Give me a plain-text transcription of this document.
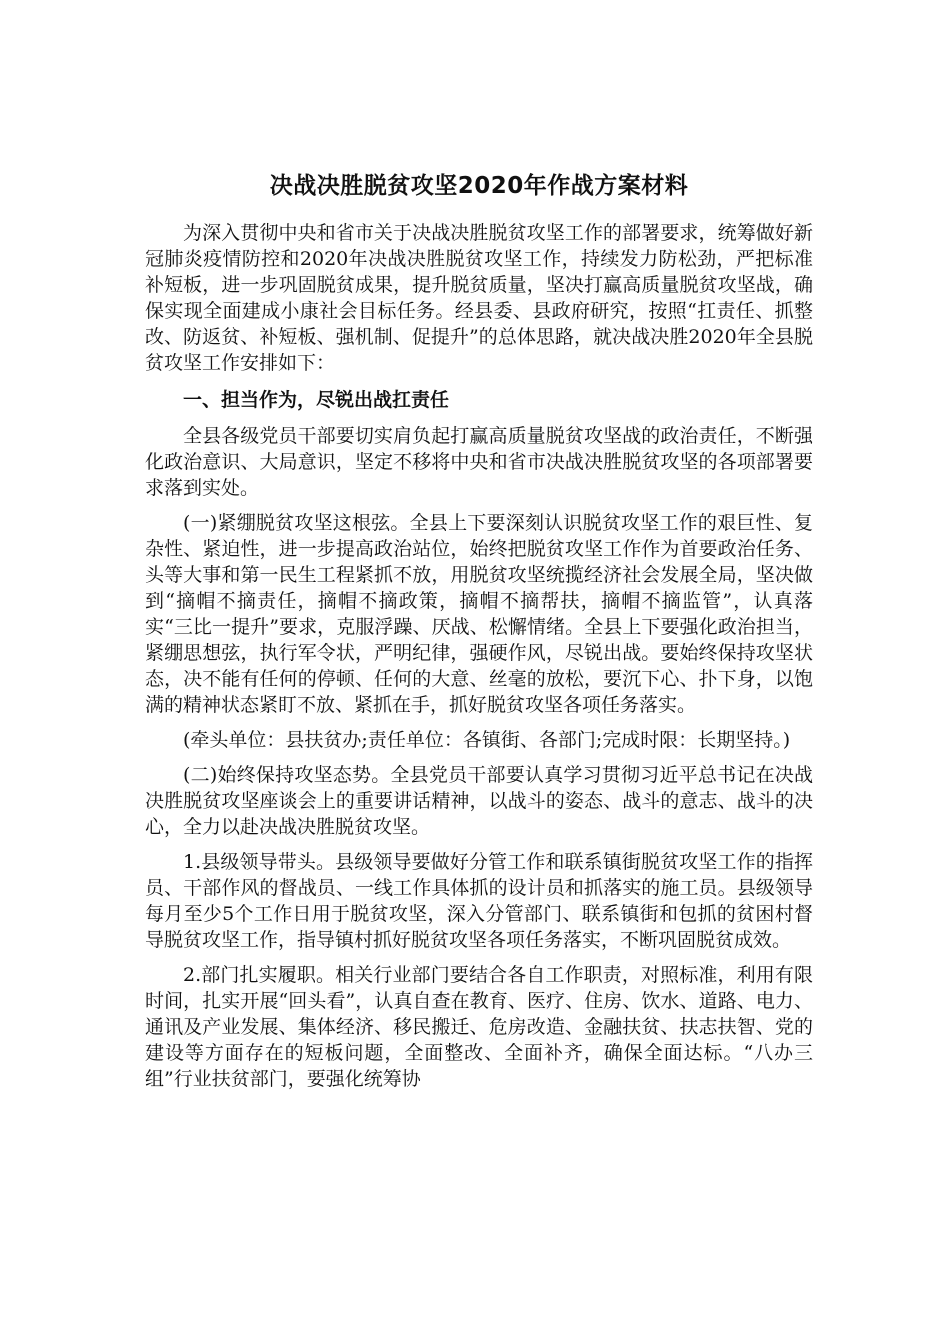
决战决胜脱贫攻坚2020年作战方案材料

为深入贯彻中央和省市关于决战决胜脱贫攻坚工作的部署要求，统筹做好新冠肺炎疫情防控和2020年决战决胜脱贫攻坚工作，持续发力防松劲，严把标准补短板，进一步巩固脱贫成果，提升脱贫质量，坚决打赢高质量脱贫攻坚战，确保实现全面建成小康社会目标任务。经县委、县政府研究，按照“扛责任、抓整改、防返贫、补短板、强机制、促提升”的总体思路，就决战决胜2020年全县脱贫攻坚工作安排如下：

一、担当作为，尽锐出战扛责任

全县各级党员干部要切实肩负起打赢高质量脱贫攻坚战的政治责任，不断强化政治意识、大局意识，坚定不移将中央和省市决战决胜脱贫攻坚的各项部署要求落到实处。

(一)紧绷脱贫攻坚这根弦。全县上下要深刻认识脱贫攻坚工作的艰巨性、复杂性、紧迫性，进一步提高政治站位，始终把脱贫攻坚工作作为首要政治任务、头等大事和第一民生工程紧抓不放，用脱贫攻坚统揽经济社会发展全局，坚决做到“摘帽不摘责任，摘帽不摘政策，摘帽不摘帮扶，摘帽不摘监管”，认真落实“三比一提升”要求，克服浮躁、厌战、松懈情绪。全县上下要强化政治担当，紧绷思想弦，执行军令状，严明纪律，强硬作风，尽锐出战。要始终保持攻坚状态，决不能有任何的停顿、任何的大意、丝毫的放松，要沉下心、扑下身，以饱满的精神状态紧盯不放、紧抓在手，抓好脱贫攻坚各项任务落实。

(牵头单位：县扶贫办;责任单位：各镇街、各部门;完成时限：长期坚持。)

(二)始终保持攻坚态势。全县党员干部要认真学习贯彻习近平总书记在决战决胜脱贫攻坚座谈会上的重要讲话精神，以战斗的姿态、战斗的意志、战斗的决心，全力以赴决战决胜脱贫攻坚。

1.县级领导带头。县级领导要做好分管工作和联系镇街脱贫攻坚工作的指挥员、干部作风的督战员、一线工作具体抓的设计员和抓落实的施工员。县级领导每月至少5个工作日用于脱贫攻坚，深入分管部门、联系镇街和包抓的贫困村督导脱贫攻坚工作，指导镇村抓好脱贫攻坚各项任务落实，不断巩固脱贫成效。

2.部门扎实履职。相关行业部门要结合各自工作职责，对照标准，利用有限时间，扎实开展“回头看”，认真自查在教育、医疗、住房、饮水、道路、电力、通讯及产业发展、集体经济、移民搬迁、危房改造、金融扶贫、扶志扶智、党的建设等方面存在的短板问题，全面整改、全面补齐，确保全面达标。“八办三组”行业扶贫部门，要强化统筹协
